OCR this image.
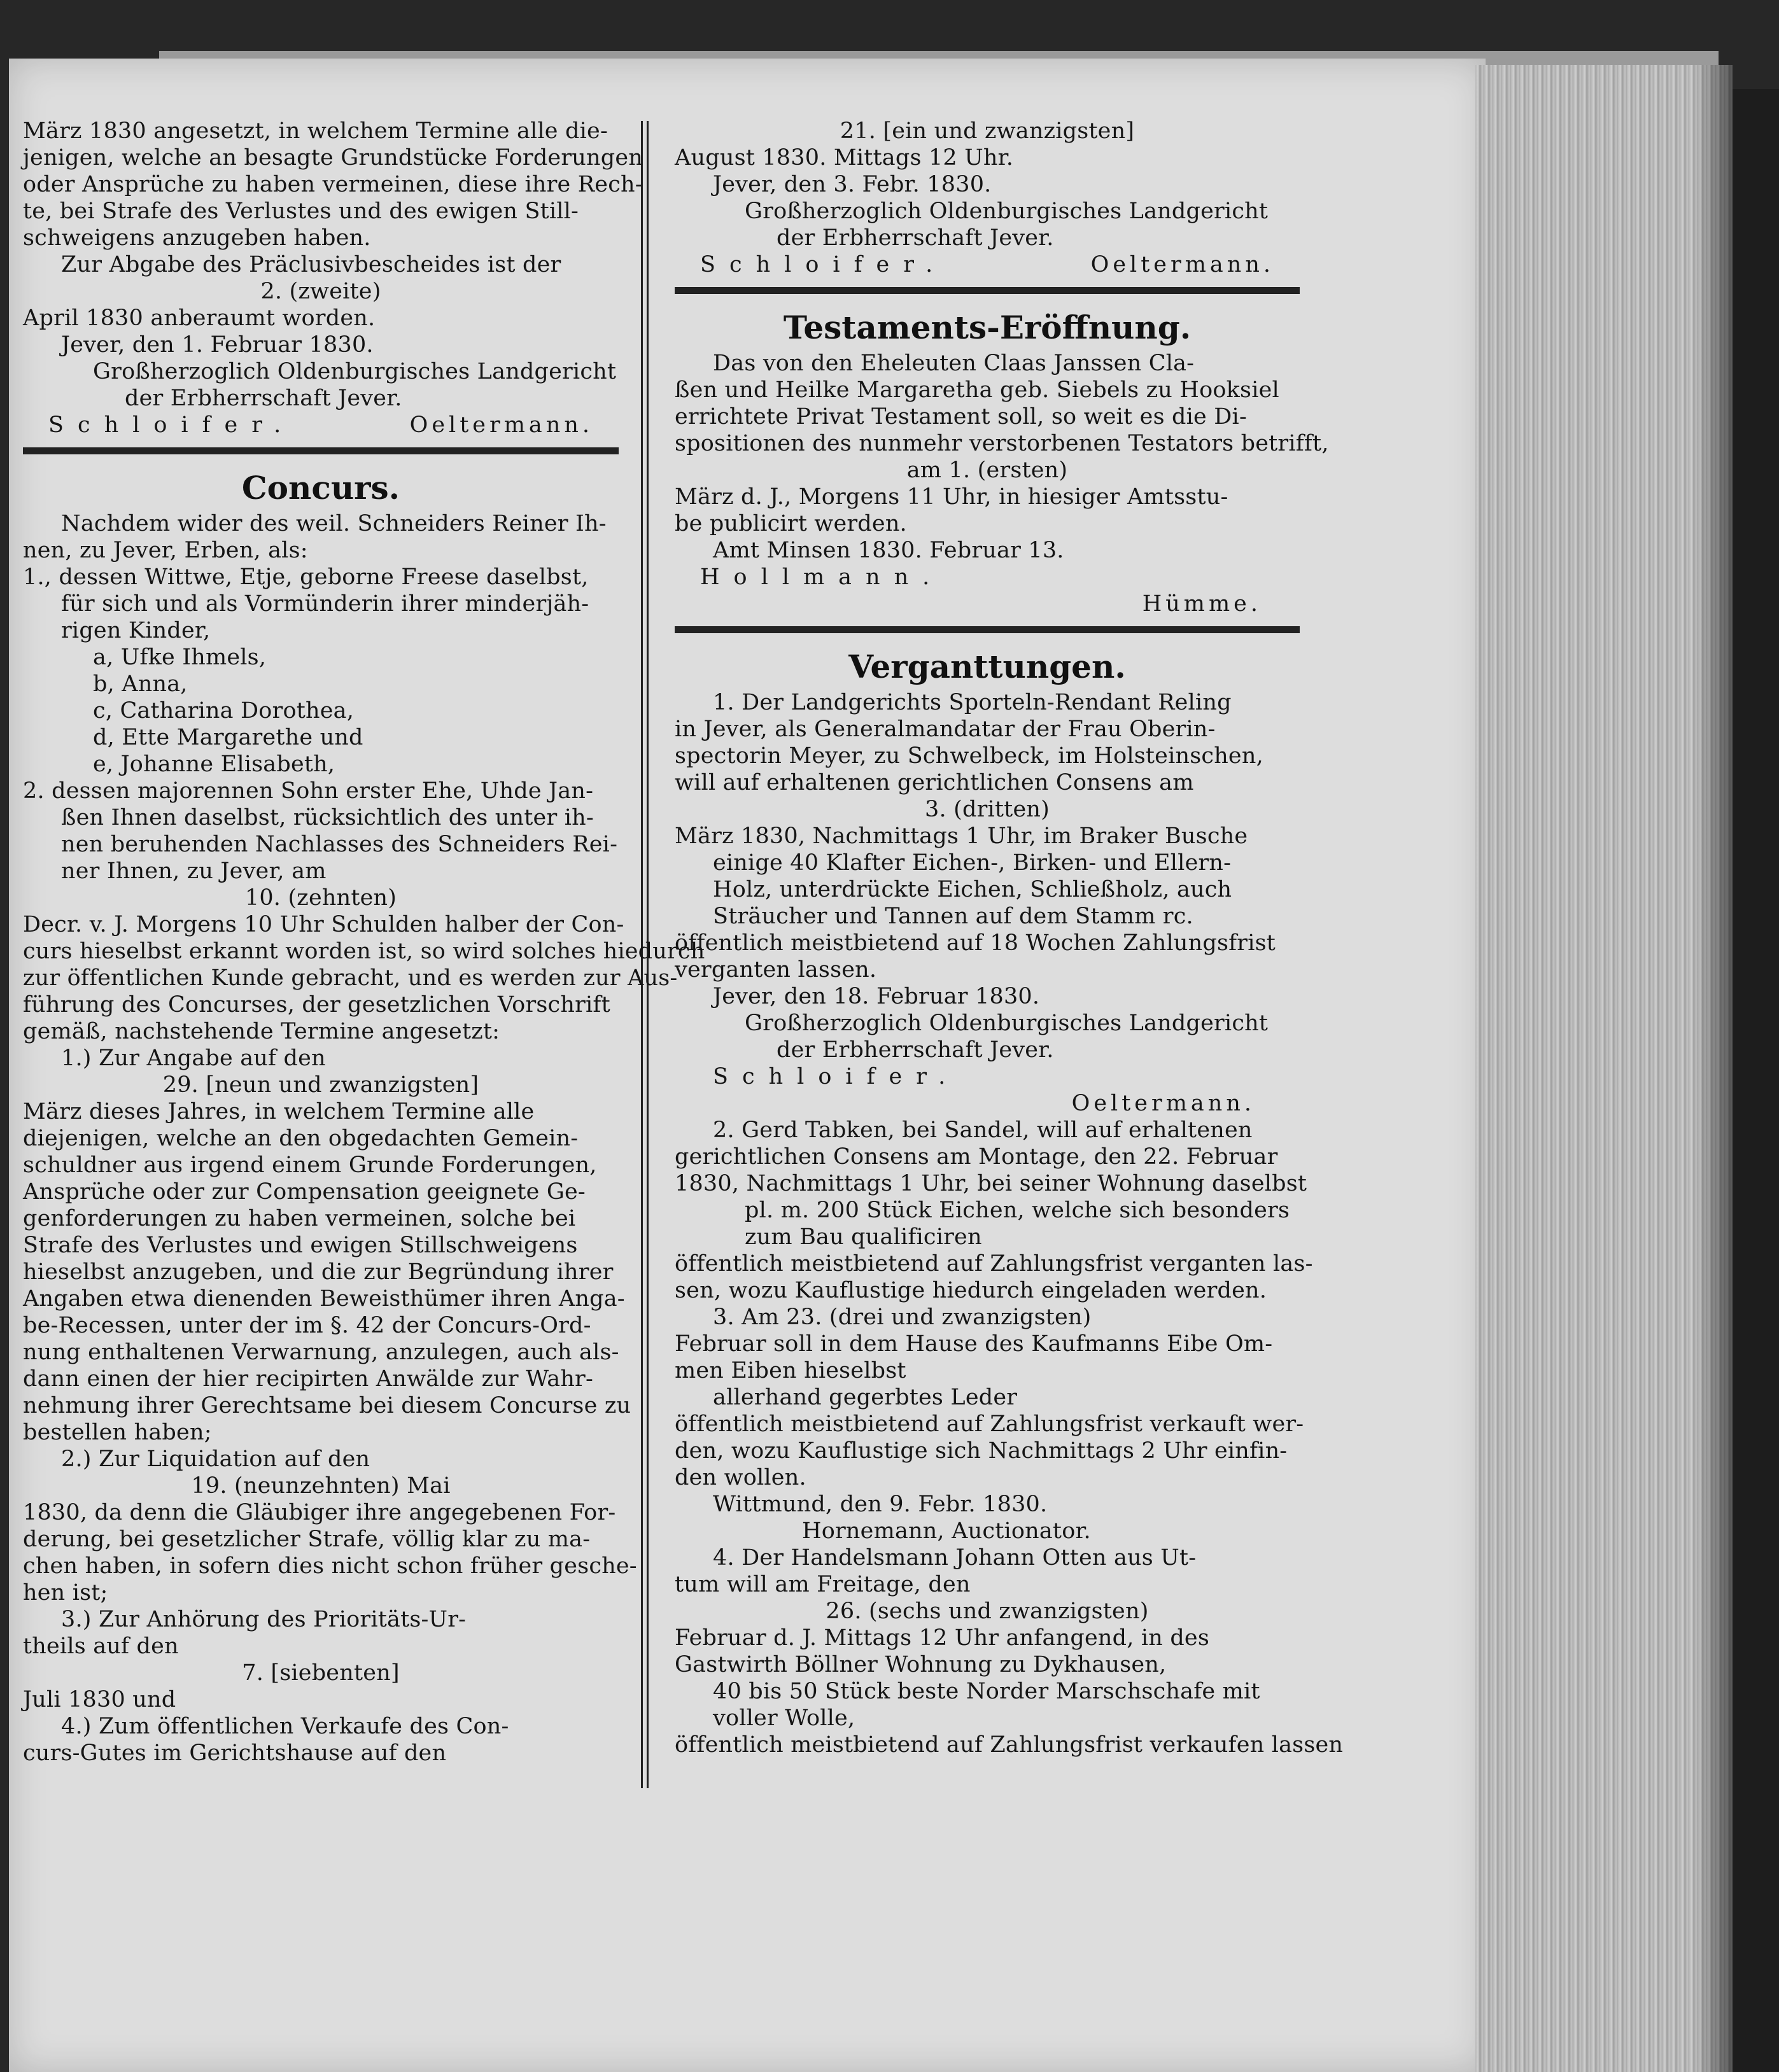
März 1830 angesetzt, in welchem Termine alle die-
jenigen, welche an besagte Grundstücke Forderungen
oder Ansprüche zu haben vermeinen, diese ihre Rech-
te, bei Strafe des Verlustes und des ewigen Still-
schweigens anzugeben haben.
Zur Abgabe des Präclusivbescheides ist der
2. (zweite)
April 1830 anberaumt worden.
Jever, den 1. Februar 1830.
Großherzoglich Oldenburgisches Landgericht
der Erbherrschaft Jever.
Schloifer.	Oeltermann.
Concurs.
Nachdem wider des weil. Schneiders Reiner Ih-
nen, zu Jever, Erben, als:
1., dessen Wittwe, Etje, geborne Freese daselbst,
für sich und als Vormünderin ihrer minderjäh-
rigen Kinder,
a, Ufke Ihmels,
b, Anna,
c, Catharina Dorothea,
d, Ette Margarethe und
e, Johanne Elisabeth,
2. dessen majorennen Sohn erster Ehe, Uhde Jan-
ßen Ihnen daselbst, rücksichtlich des unter ih-
nen beruhenden Nachlasses des Schneiders Rei-
ner Ihnen, zu Jever, am
10. (zehnten)
Decr. v. J. Morgens 10 Uhr Schulden halber der Con-
curs hieselbst erkannt worden ist, so wird solches hiedurch
zur öffentlichen Kunde gebracht, und es werden zur Aus-
führung des Concurses, der gesetzlichen Vorschrift
gemäß, nachstehende Termine angesetzt:
1.) Zur Angabe auf den
29. [neun und zwanzigsten]
März dieses Jahres, in welchem Termine alle
diejenigen, welche an den obgedachten Gemein-
schuldner aus irgend einem Grunde Forderungen,
Ansprüche oder zur Compensation geeignete Ge-
genforderungen zu haben vermeinen, solche bei
Strafe des Verlustes und ewigen Stillschweigens
hieselbst anzugeben, und die zur Begründung ihrer
Angaben etwa dienenden Beweisthümer ihren Anga-
be-Recessen, unter der im §. 42 der Concurs-Ord-
nung enthaltenen Verwarnung, anzulegen, auch als-
dann einen der hier recipirten Anwälde zur Wahr-
nehmung ihrer Gerechtsame bei diesem Concurse zu
bestellen haben;
2.) Zur Liquidation auf den
19. (neunzehnten) Mai
1830, da denn die Gläubiger ihre angegebenen For-
derung, bei gesetzlicher Strafe, völlig klar zu ma-
chen haben, in sofern dies nicht schon früher gesche-
hen ist;
3.) Zur Anhörung des Prioritäts-Ur-
theils auf den
7. [siebenten]
Juli 1830 und
4.) Zum öffentlichen Verkaufe des Con-
curs-Gutes im Gerichtshause auf den
21. [ein und zwanzigsten]
August 1830. Mittags 12 Uhr.
Jever, den 3. Febr. 1830.
Großherzoglich Oldenburgisches Landgericht
der Erbherrschaft Jever.
Schloifer.	Oeltermann.
Testaments-Eröffnung.
Das von den Eheleuten Claas Janssen Cla-
ßen und Heilke Margaretha geb. Siebels zu Hooksiel
errichtete Privat Testament soll, so weit es die Di-
spositionen des nunmehr verstorbenen Testators betrifft,
am 1. (ersten)
März d. J., Morgens 11 Uhr, in hiesiger Amtsstu-
be publicirt werden.
Amt Minsen 1830. Februar 13.
Hollmann.
Hümme.
Verganttungen.
1. Der Landgerichts Sporteln-Rendant Reling
in Jever, als Generalmandatar der Frau Oberin-
spectorin Meyer, zu Schwelbeck, im Holsteinschen,
will auf erhaltenen gerichtlichen Consens am
3. (dritten)
März 1830, Nachmittags 1 Uhr, im Braker Busche
einige 40 Klafter Eichen-, Birken- und Ellern-
Holz, unterdrückte Eichen, Schließholz, auch
Sträucher und Tannen auf dem Stamm rc.
öffentlich meistbietend auf 18 Wochen Zahlungsfrist
verganten lassen.
Jever, den 18. Februar 1830.
Großherzoglich Oldenburgisches Landgericht
der Erbherrschaft Jever.
Schloifer.
Oeltermann.
2. Gerd Tabken, bei Sandel, will auf erhaltenen
gerichtlichen Consens am Montage, den 22. Februar
1830, Nachmittags 1 Uhr, bei seiner Wohnung daselbst
pl. m. 200 Stück Eichen, welche sich besonders
zum Bau qualificiren
öffentlich meistbietend auf Zahlungsfrist verganten las-
sen, wozu Kauflustige hiedurch eingeladen werden.
3. Am 23. (drei und zwanzigsten)
Februar soll in dem Hause des Kaufmanns Eibe Om-
men Eiben hieselbst
allerhand gegerbtes Leder
öffentlich meistbietend auf Zahlungsfrist verkauft wer-
den, wozu Kauflustige sich Nachmittags 2 Uhr einfin-
den wollen.
Wittmund, den 9. Febr. 1830.
Hornemann, Auctionator.
4. Der Handelsmann Johann Otten aus Ut-
tum will am Freitage, den
26. (sechs und zwanzigsten)
Februar d. J. Mittags 12 Uhr anfangend, in des
Gastwirth Böllner Wohnung zu Dykhausen,
40 bis 50 Stück beste Norder Marschschafe mit
voller Wolle,
öffentlich meistbietend auf Zahlungsfrist verkaufen lassen
